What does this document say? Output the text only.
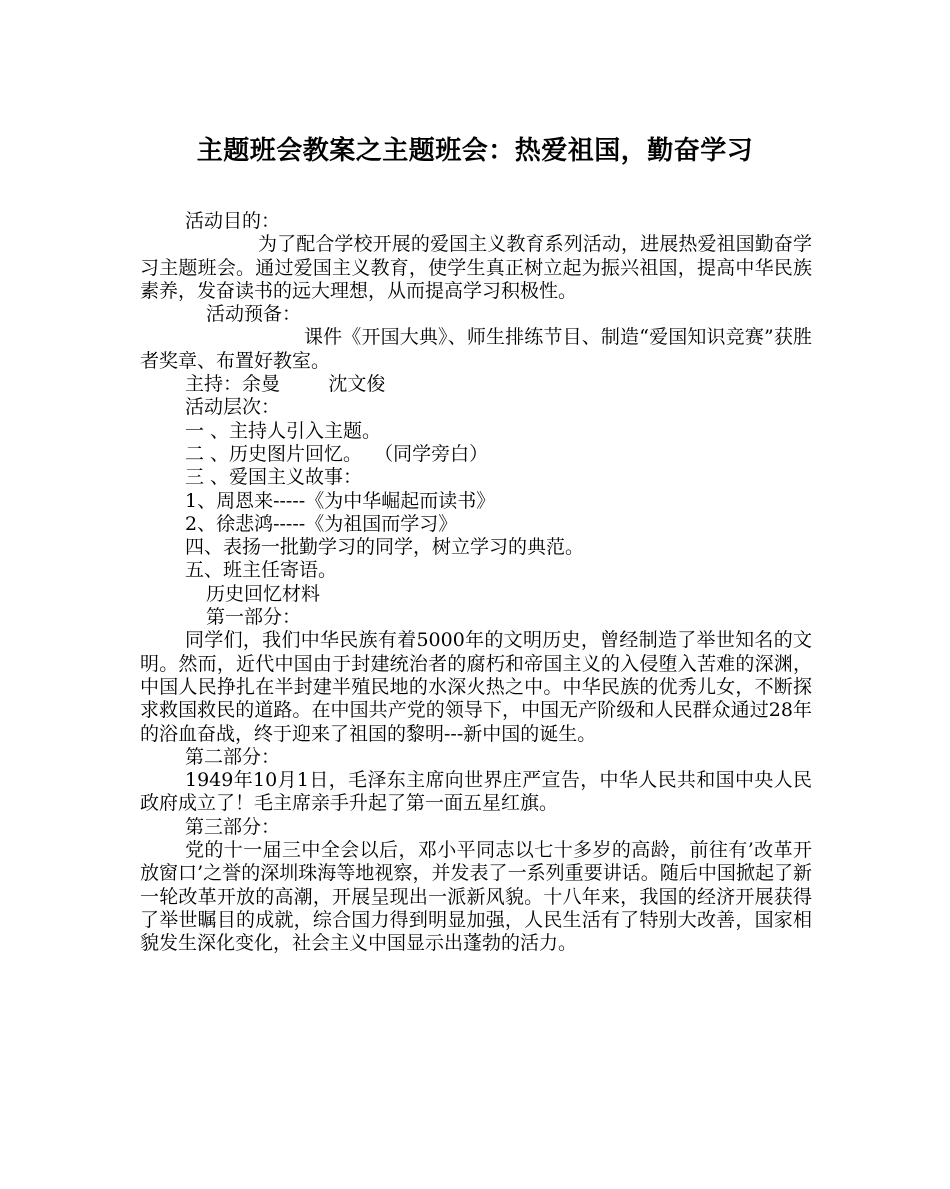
主题班会教案之主题班会：热爱祖国，勤奋学习

活动目的：

为了配合学校开展的爱国主义教育系列活动，进展热爱祖国勤奋学习主题班会。通过爱国主义教育，使学生真正树立起为振兴祖国，提高中华民族素养，发奋读书的远大理想，从而提高学习积极性。

活动预备：

课件《开国大典》、师生排练节目、制造“爱国知识竞赛”获胜者奖章、布置好教室。

主持：余曼        沈文俊

活动层次：

一 、主持人引入主题。

二 、历史图片回忆。  （同学旁白）

三 、爱国主义故事：

1、周恩来-----《为中华崛起而读书》

2、徐悲鸿-----《为祖国而学习》

四、表扬一批勤学习的同学，树立学习的典范。

五、班主任寄语。

历史回忆材料

第一部分：

同学们，我们中华民族有着5000年的文明历史，曾经制造了举世知名的文明。然而，近代中国由于封建统治者的腐朽和帝国主义的入侵堕入苦难的深渊，中国人民挣扎在半封建半殖民地的水深火热之中。中华民族的优秀儿女，不断探求救国救民的道路。在中国共产党的领导下，中国无产阶级和人民群众通过28年的浴血奋战，终于迎来了祖国的黎明---新中国的诞生。

第二部分：

1949年10月1日，毛泽东主席向世界庄严宣告，中华人民共和国中央人民政府成立了！毛主席亲手升起了第一面五星红旗。

第三部分：

党的十一届三中全会以后，邓小平同志以七十多岁的高龄，前往有’改革开放窗口’之誉的深圳珠海等地视察，并发表了一系列重要讲话。随后中国掀起了新一轮改革开放的高潮，开展呈现出一派新风貌。十八年来，我国的经济开展获得了举世瞩目的成就，综合国力得到明显加强，人民生活有了特别大改善，国家相貌发生深化变化，社会主义中国显示出蓬勃的活力。
